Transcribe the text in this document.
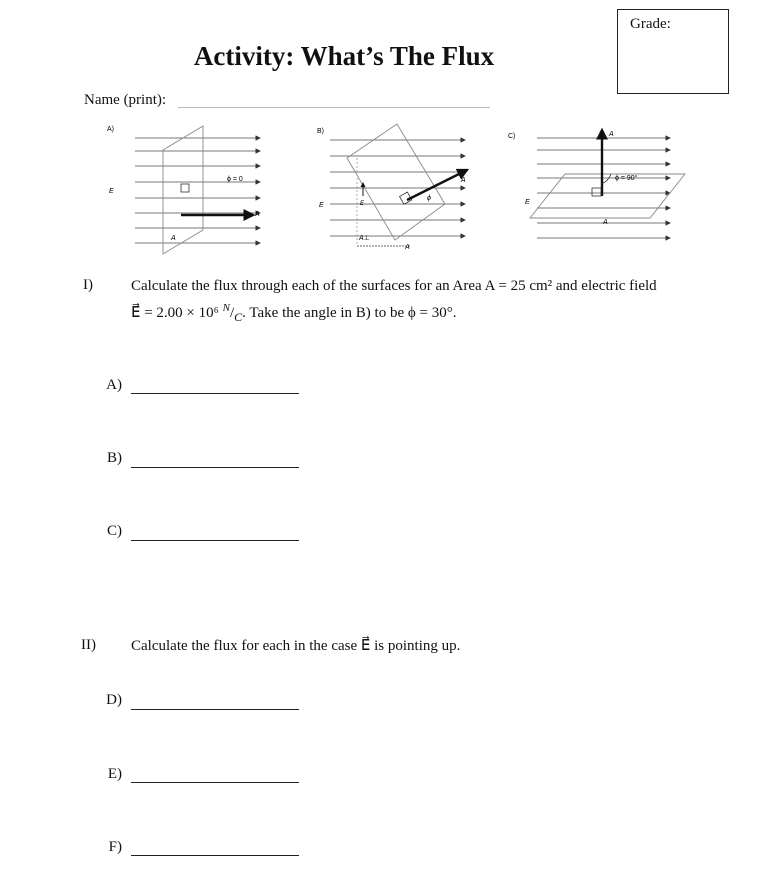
Grade:
Activity: What’s The Flux
Name (print):
A)
ϕ = 0
A
A
E
B)
E
A
ϕ
A⊥
A
E
C)	A
ϕ = 90°
A
E
I)	Calculate the flux through each of the surfaces for an Area A = 25 cm² and electric field
E⃗ = 2.00 × 10⁶ $^N/_C$. Take the angle in B) to be ϕ = 30°.
A)
B)
C)
II) Calculate the flux for each in the case E⃗ is pointing up.
D)
E)
F)
